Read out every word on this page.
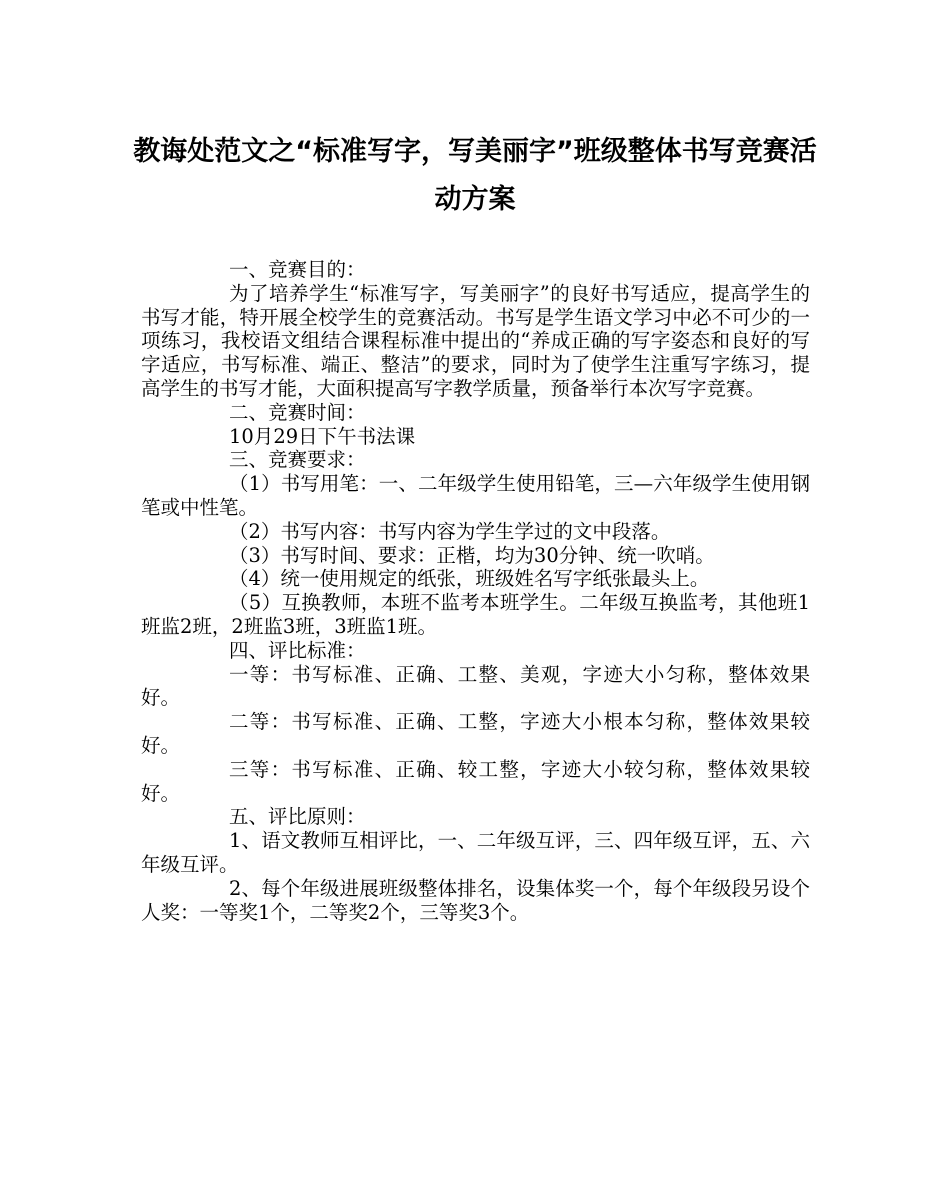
教诲处范文之“标准写字，写美丽字”班级整体书写竞赛活动方案

一、竞赛目的：

为了培养学生“标准写字，写美丽字”的良好书写适应，提高学生的书写才能，特开展全校学生的竞赛活动。书写是学生语文学习中必不可少的一项练习，我校语文组结合课程标准中提出的“养成正确的写字姿态和良好的写字适应，书写标准、端正、整洁”的要求，同时为了使学生注重写字练习，提高学生的书写才能，大面积提高写字教学质量，预备举行本次写字竞赛。

二、竞赛时间：

10月29日下午书法课

三、竞赛要求：

（1）书写用笔：一、二年级学生使用铅笔，三—六年级学生使用钢笔或中性笔。

（2）书写内容：书写内容为学生学过的文中段落。

（3）书写时间、要求：正楷，均为30分钟、统一吹哨。

（4）统一使用规定的纸张，班级姓名写字纸张最头上。

（5）互换教师，本班不监考本班学生。二年级互换监考，其他班1班监2班，2班监3班，3班监1班。

四、评比标准：

一等：书写标准、正确、工整、美观，字迹大小匀称，整体效果好。

二等：书写标准、正确、工整，字迹大小根本匀称，整体效果较好。

三等：书写标准、正确、较工整，字迹大小较匀称，整体效果较好。

五、评比原则：

1、语文教师互相评比，一、二年级互评，三、四年级互评，五、六年级互评。

2、每个年级进展班级整体排名，设集体奖一个，每个年级段另设个人奖：一等奖1个，二等奖2个，三等奖3个。
